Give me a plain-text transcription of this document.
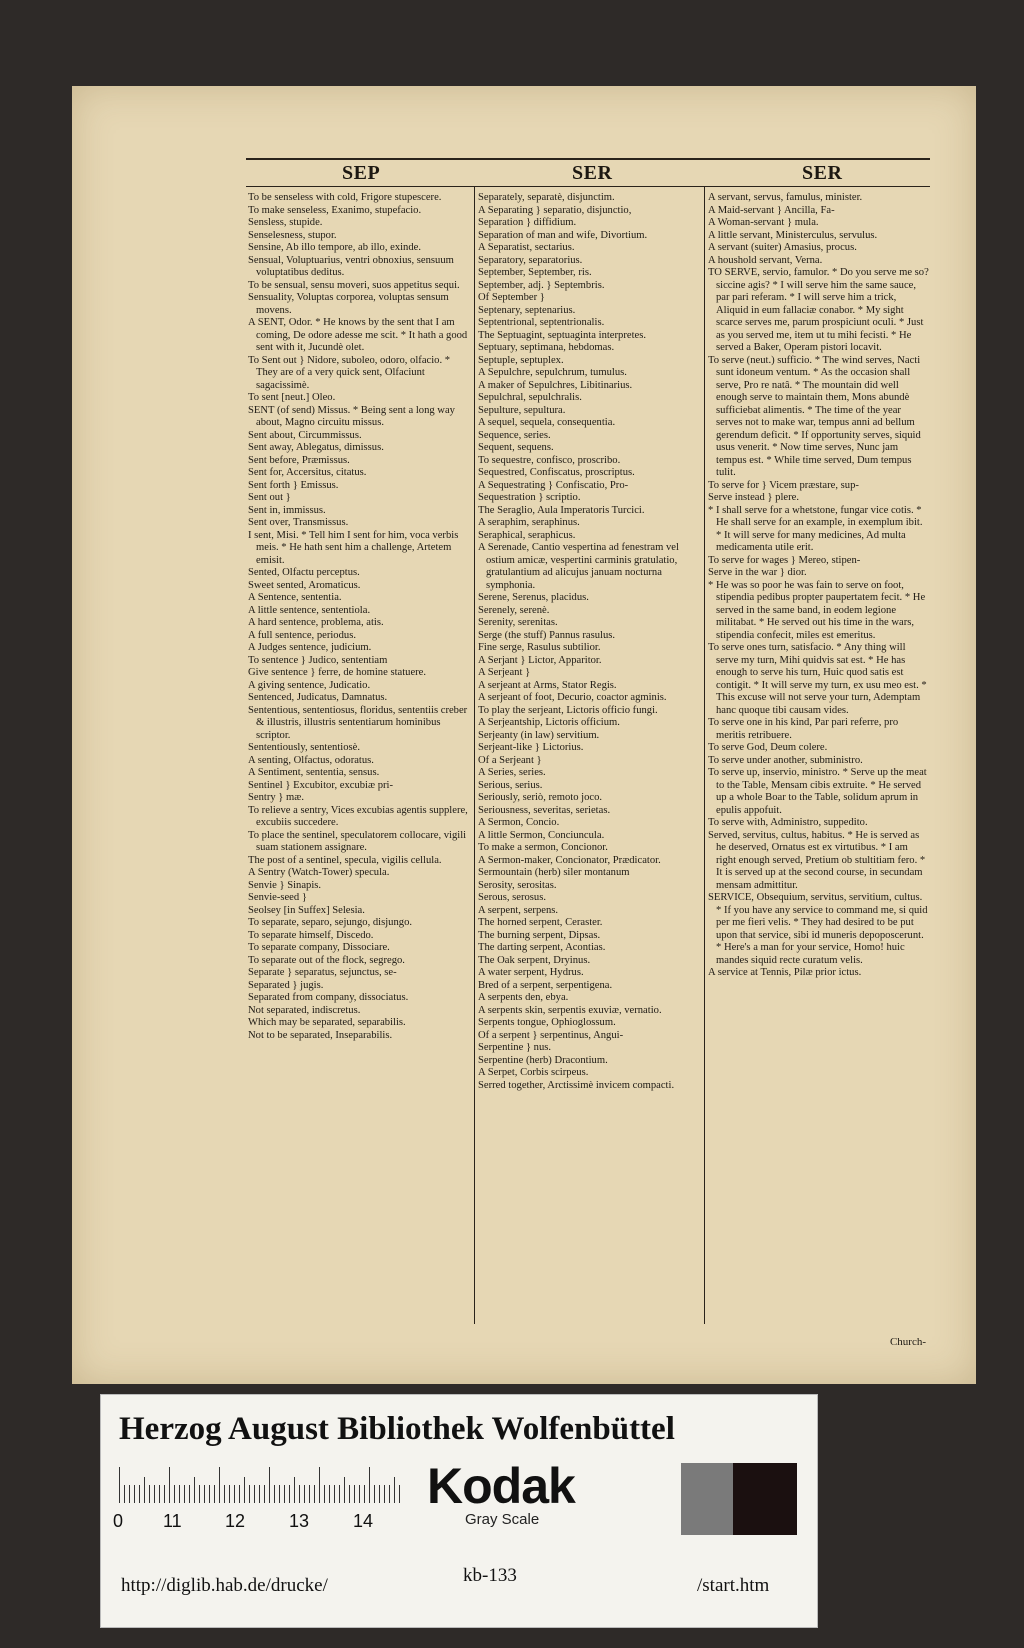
SEP	SER	SER

To be senseless with cold, Frigore stupescere.

To make senseless, Exanimo, stupefacio.

Sensless, stupide.

Senselesness, stupor.

Sensine, Ab illo tempore, ab illo, exinde.

Sensual, Voluptuarius, ventri obnoxius, sensuum voluptatibus deditus.

To be sensual, sensu moveri, suos appetitus sequi.

Sensuality, Voluptas corporea, voluptas sensum movens.

A SENT, Odor. * He knows by the sent that I am coming, De odore adesse me scit. * It hath a good sent with it, Jucundè olet.

To Sent out } Nidore, suboleo, odoro, olfacio. * They are of a very quick sent, Olfaciunt sagacissimè.

To sent [neut.] Oleo.

SENT (of send) Missus. * Being sent a long way about, Magno circuitu missus.

Sent about, Circummissus.

Sent away, Ablegatus, dimissus.

Sent before, Præmissus.

Sent for, Accersitus, citatus.

Sent forth } Emissus.

Sent out }

Sent in, immissus.

Sent over, Transmissus.

I sent, Misi. * Tell him I sent for him, voca verbis meis. * He hath sent him a challenge, Artetem emisit.

Sented, Olfactu perceptus.

Sweet sented, Aromaticus.

A Sentence, sententia.

A little sentence, sententiola.

A hard sentence, problema, atis.

A full sentence, periodus.

A Judges sentence, judicium.

To sentence } Judico, sententiam

Give sentence } ferre, de homine statuere.

A giving sentence, Judicatio.

Sentenced, Judicatus, Damnatus.

Sententious, sententiosus, floridus, sententiis creber & illustris, illustris sententiarum hominibus scriptor.

Sententiously, sententiosè.

A senting, Olfactus, odoratus.

A Sentiment, sententia, sensus.

Sentinel } Excubitor, excubiæ pri-

Sentry } mæ.

To relieve a sentry, Vices excubias agentis supplere, excubiis succedere.

To place the sentinel, speculatorem collocare, vigili suam stationem assignare.

The post of a sentinel, specula, vigilis cellula.

A Sentry (Watch-Tower) specula.

Senvie } Sinapis.

Senvie-seed }

Seolsey [in Suffex] Selesia.

To separate, separo, sejungo, disjungo.

To separate himself, Discedo.

To separate company, Dissociare.

To separate out of the flock, segrego.

Separate } separatus, sejunctus, se-

Separated } jugis.

Separated from company, dissociatus.

Not separated, indiscretus.

Which may be separated, separabilis.

Not to be separated, Inseparabilis.

Separately, separatè, disjunctim.

A Separating } separatio, disjunctio,

Separation } diffidium.

Separation of man and wife, Divortium.

A Separatist, sectarius.

Separatory, separatorius.

September, September, ris.

September, adj. } Septembris.

Of September }

Septenary, septenarius.

Septentrional, septentrionalis.

The Septuagint, septuaginta interpretes.

Septuary, septimana, hebdomas.

Septuple, septuplex.

A Sepulchre, sepulchrum, tumulus.

A maker of Sepulchres, Libitinarius.

Sepulchral, sepulchralis.

Sepulture, sepultura.

A sequel, sequela, consequentia.

Sequence, series.

Sequent, sequens.

To sequestre, confisco, proscribo.

Sequestred, Confiscatus, proscriptus.

A Sequestrating } Confiscatio, Pro-

Sequestration } scriptio.

The Seraglio, Aula Imperatoris Turcici.

A seraphim, seraphinus.

Seraphical, seraphicus.

A Serenade, Cantio vespertina ad fenestram vel ostium amicæ, vespertini carminis gratulatio, gratulantium ad alicujus januam nocturna symphonia.

Serene, Serenus, placidus.

Serenely, serenè.

Serenity, serenitas.

Serge (the stuff) Pannus rasulus.

Fine serge, Rasulus subtilior.

A Serjant } Lictor, Apparitor.

A Serjeant }

A serjeant at Arms, Stator Regis.

A serjeant of foot, Decurio, coactor agminis.

To play the serjeant, Lictoris officio fungi.

A Serjeantship, Lictoris officium.

Serjeanty (in law) servitium.

Serjeant-like } Lictorius.

Of a Serjeant }

A Series, series.

Serious, serius.

Seriously, seriò, remoto joco.

Seriousness, severitas, serietas.

A Sermon, Concio.

A little Sermon, Conciuncula.

To make a sermon, Concionor.

A Sermon-maker, Concionator, Prædicator.

Sermountain (herb) siler montanum

Serosity, serositas.

Serous, serosus.

A serpent, serpens.

The horned serpent, Ceraster.

The burning serpent, Dipsas.

The darting serpent, Acontias.

The Oak serpent, Dryinus.

A water serpent, Hydrus.

Bred of a serpent, serpentigena.

A serpents den, ebya.

A serpents skin, serpentis exuviæ, vernatio.

Serpents tongue, Ophioglossum.

Of a serpent } serpentinus, Angui-

Serpentine } nus.

Serpentine (herb) Dracontium.

A Serpet, Corbis scirpeus.

Serred together, Arctissimè invicem compacti.

A servant, servus, famulus, minister.

A Maid-servant } Ancilla, Fa-

A Woman-servant } mula.

A little servant, Ministerculus, servulus.

A servant (suiter) Amasius, procus.

A houshold servant, Verna.

TO SERVE, servio, famulor. * Do you serve me so? siccine agis? * I will serve him the same sauce, par pari referam. * I will serve him a trick, Aliquid in eum fallaciæ conabor. * My sight scarce serves me, parum prospiciunt oculi. * Just as you served me, item ut tu mihi fecisti. * He served a Baker, Operam pistori locavit.

To serve (neut.) sufficio. * The wind serves, Nacti sunt idoneum ventum. * As the occasion shall serve, Pro re natâ. * The mountain did well enough serve to maintain them, Mons abundè sufficiebat alimentis. * The time of the year serves not to make war, tempus anni ad bellum gerendum deficit. * If opportunity serves, siquid usus venerit. * Now time serves, Nunc jam tempus est. * While time served, Dum tempus tulit.

To serve for } Vicem præstare, sup-

Serve instead } plere.

* I shall serve for a whetstone, fungar vice cotis. * He shall serve for an example, in exemplum ibit. * It will serve for many medicines, Ad multa medicamenta utile erit.

To serve for wages } Mereo, stipen-

Serve in the war } dior.

* He was so poor he was fain to serve on foot, stipendia pedibus propter paupertatem fecit. * He served in the same band, in eodem legione militabat. * He served out his time in the wars, stipendia confecit, miles est emeritus.

To serve ones turn, satisfacio. * Any thing will serve my turn, Mihi quidvis sat est. * He has enough to serve his turn, Huic quod satis est contigit. * It will serve my turn, ex usu meo est. * This excuse will not serve your turn, Ademptam hanc quoque tibi causam vides.

To serve one in his kind, Par pari referre, pro meritis retribuere.

To serve God, Deum colere.

To serve under another, subministro.

To serve up, inservio, ministro. * Serve up the meat to the Table, Mensam cibis extruite. * He served up a whole Boar to the Table, solidum aprum in epulis appofuit.

To serve with, Administro, suppedito.

Served, servitus, cultus, habitus. * He is served as he deserved, Ornatus est ex virtutibus. * I am right enough served, Pretium ob stultitiam fero. * It is served up at the second course, in secundam mensam admittitur.

SERVICE, Obsequium, servitus, servitium, cultus. * If you have any service to command me, si quid per me fieri velis. * They had desired to be put upon that service, sibi id muneris depoposcerunt. * Here's a man for your service, Homo! huic mandes siquid recte curatum velis.

A service at Tennis, Pilæ prior ictus.

Church-
Herzog August Bibliothek Wolfenbüttel
0 11 12 13 14
Kodak
Gray Scale
http://diglib.hab.de/drucke/	kb-133	/start.htm
